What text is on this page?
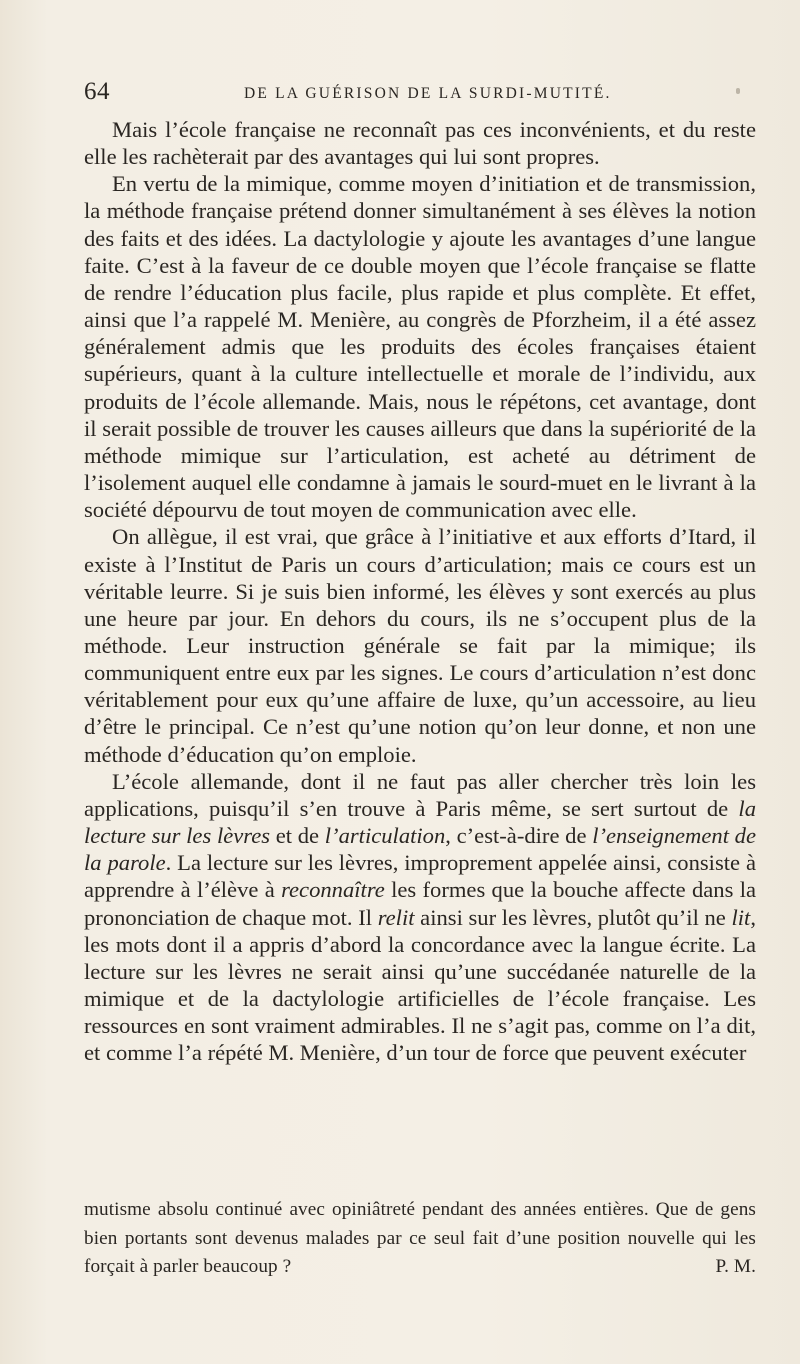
64	DE LA GUÉRISON DE LA SURDI-MUTITÉ.

Mais l’école française ne reconnaît pas ces inconvénients, et du reste elle les rachèterait par des avantages qui lui sont propres.

En vertu de la mimique, comme moyen d’initiation et de transmission, la méthode française prétend donner simultanément à ses élèves la notion des faits et des idées. La dactylologie y ajoute les avantages d’une langue faite. C’est à la faveur de ce double moyen que l’école française se flatte de rendre l’éducation plus facile, plus rapide et plus complète. Et effet, ainsi que l’a rappelé M. Menière, au congrès de Pforzheim, il a été assez généralement admis que les produits des écoles françaises étaient supérieurs, quant à la culture intellectuelle et morale de l’individu, aux produits de l’école allemande. Mais, nous le répétons, cet avantage, dont il serait possible de trouver les causes ailleurs que dans la supériorité de la méthode mimique sur l’articulation, est acheté au détriment de l’isolement auquel elle condamne à jamais le sourd-muet en le livrant à la société dépourvu de tout moyen de communication avec elle.

On allègue, il est vrai, que grâce à l’initiative et aux efforts d’Itard, il existe à l’Institut de Paris un cours d’articulation; mais ce cours est un véritable leurre. Si je suis bien informé, les élèves y sont exercés au plus une heure par jour. En dehors du cours, ils ne s’occupent plus de la méthode. Leur instruction générale se fait par la mimique; ils communiquent entre eux par les signes. Le cours d’articulation n’est donc véritablement pour eux qu’une affaire de luxe, qu’un accessoire, au lieu d’être le principal. Ce n’est qu’une notion qu’on leur donne, et non une méthode d’éducation qu’on emploie.

L’école allemande, dont il ne faut pas aller chercher très loin les applications, puisqu’il s’en trouve à Paris même, se sert surtout de la lecture sur les lèvres et de l’articulation, c’est-à-dire de l’enseignement de la parole. La lecture sur les lèvres, improprement appelée ainsi, consiste à apprendre à l’élève à reconnaître les formes que la bouche affecte dans la prononciation de chaque mot. Il relit ainsi sur les lèvres, plutôt qu’il ne lit, les mots dont il a appris d’abord la concordance avec la langue écrite. La lecture sur les lèvres ne serait ainsi qu’une succédanée naturelle de la mimique et de la dactylologie artificielles de l’école française. Les ressources en sont vraiment admirables. Il ne s’agit pas, comme on l’a dit, et comme l’a répété M. Menière, d’un tour de force que peuvent exécuter

mutisme absolu continué avec opiniâtreté pendant des années entières. Que de gens bien portants sont devenus malades par ce seul fait d’une position nouvelle qui les forçait à parler beaucoup ?	P. M.
